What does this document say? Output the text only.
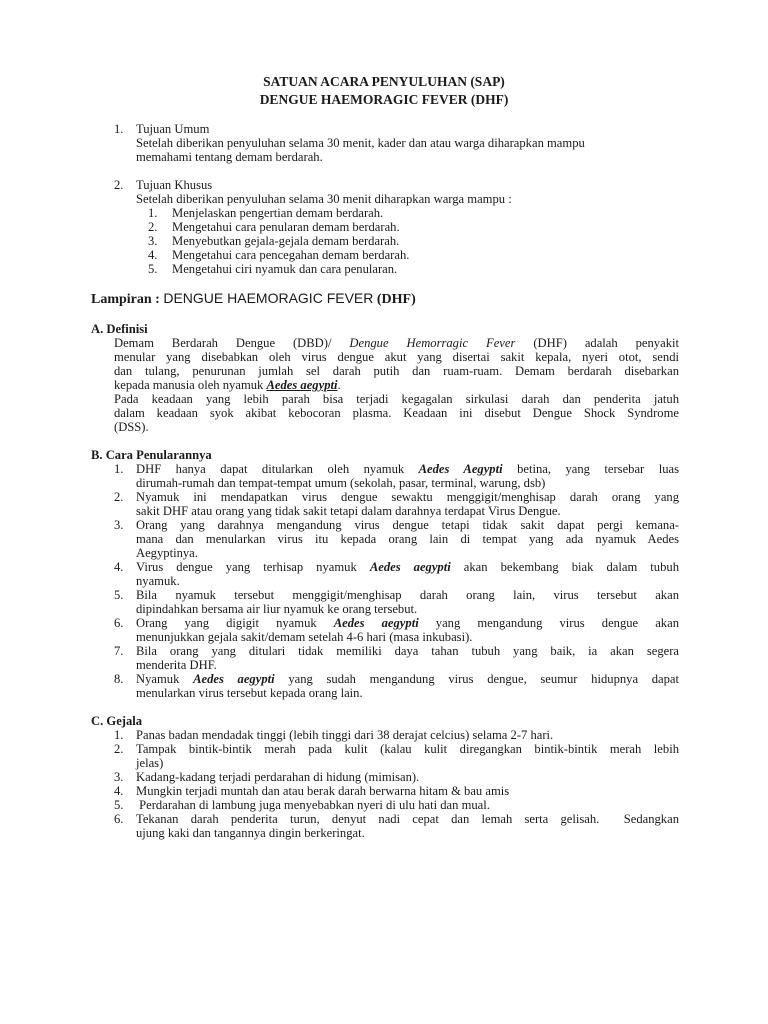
SATUAN ACARA PENYULUHAN (SAP)
DENGUE HAEMORAGIC FEVER (DHF)
1. Tujuan Umum
Setelah diberikan penyuluhan selama 30 menit, kader dan atau warga diharapkan mampu
memahami tentang demam berdarah.
2. Tujuan Khusus
Setelah diberikan penyuluhan selama 30 menit diharapkan warga mampu :
1. Menjelaskan pengertian demam berdarah.
2. Mengetahui cara penularan demam berdarah.
3. Menyebutkan gejala-gejala demam berdarah.
4. Mengetahui cara pencegahan demam berdarah.
5. Mengetahui ciri nyamuk dan cara penularan.
Lampiran : DENGUE HAEMORAGIC FEVER (DHF)
A. Definisi
Demam Berdarah Dengue (DBD)/ Dengue Hemorragic Fever (DHF) adalah penyakit
menular yang disebabkan oleh virus dengue akut yang disertai sakit kepala, nyeri otot, sendi
dan tulang, penurunan jumlah sel darah putih dan ruam-ruam. Demam berdarah disebarkan
kepada manusia oleh nyamuk Aedes aegypti.
Pada keadaan yang lebih parah bisa terjadi kegagalan sirkulasi darah dan penderita jatuh
dalam keadaan syok akibat kebocoran plasma. Keadaan ini disebut Dengue Shock Syndrome
(DSS).
B. Cara Penularannya
1. DHF hanya dapat ditularkan oleh nyamuk Aedes Aegypti betina, yang tersebar luas
dirumah-rumah dan tempat-tempat umum (sekolah, pasar, terminal, warung, dsb)
2. Nyamuk ini mendapatkan virus dengue sewaktu menggigit/menghisap darah orang yang
sakit DHF atau orang yang tidak sakit tetapi dalam darahnya terdapat Virus Dengue.
3. Orang yang darahnya mengandung virus dengue tetapi tidak sakit dapat pergi kemana-
mana dan menularkan virus itu kepada orang lain di tempat yang ada nyamuk Aedes
Aegyptinya.
4. Virus dengue yang terhisap nyamuk Aedes aegypti akan bekembang biak dalam tubuh
nyamuk.
5. Bila nyamuk tersebut menggigit/menghisap darah orang lain, virus tersebut akan
dipindahkan bersama air liur nyamuk ke orang tersebut.
6. Orang yang digigit nyamuk Aedes aegypti yang mengandung virus dengue akan
menunjukkan gejala sakit/demam setelah 4-6 hari (masa inkubasi).
7. Bila orang yang ditulari tidak memiliki daya tahan tubuh yang baik, ia akan segera
menderita DHF.
8. Nyamuk Aedes aegypti yang sudah mengandung virus dengue, seumur hidupnya dapat
menularkan virus tersebut kepada orang lain.
C. Gejala
1. Panas badan mendadak tinggi (lebih tinggi dari 38 derajat celcius) selama 2-7 hari.
2. Tampak bintik-bintik merah pada kulit (kalau kulit diregangkan bintik-bintik merah lebih
jelas)
3. Kadang-kadang terjadi perdarahan di hidung (mimisan).
4. Mungkin terjadi muntah dan atau berak darah berwarna hitam & bau amis
5. Perdarahan di lambung juga menyebabkan nyeri di ulu hati dan mual.
6. Tekanan darah penderita turun, denyut nadi cepat dan lemah serta gelisah.  Sedangkan
ujung kaki dan tangannya dingin berkeringat.
